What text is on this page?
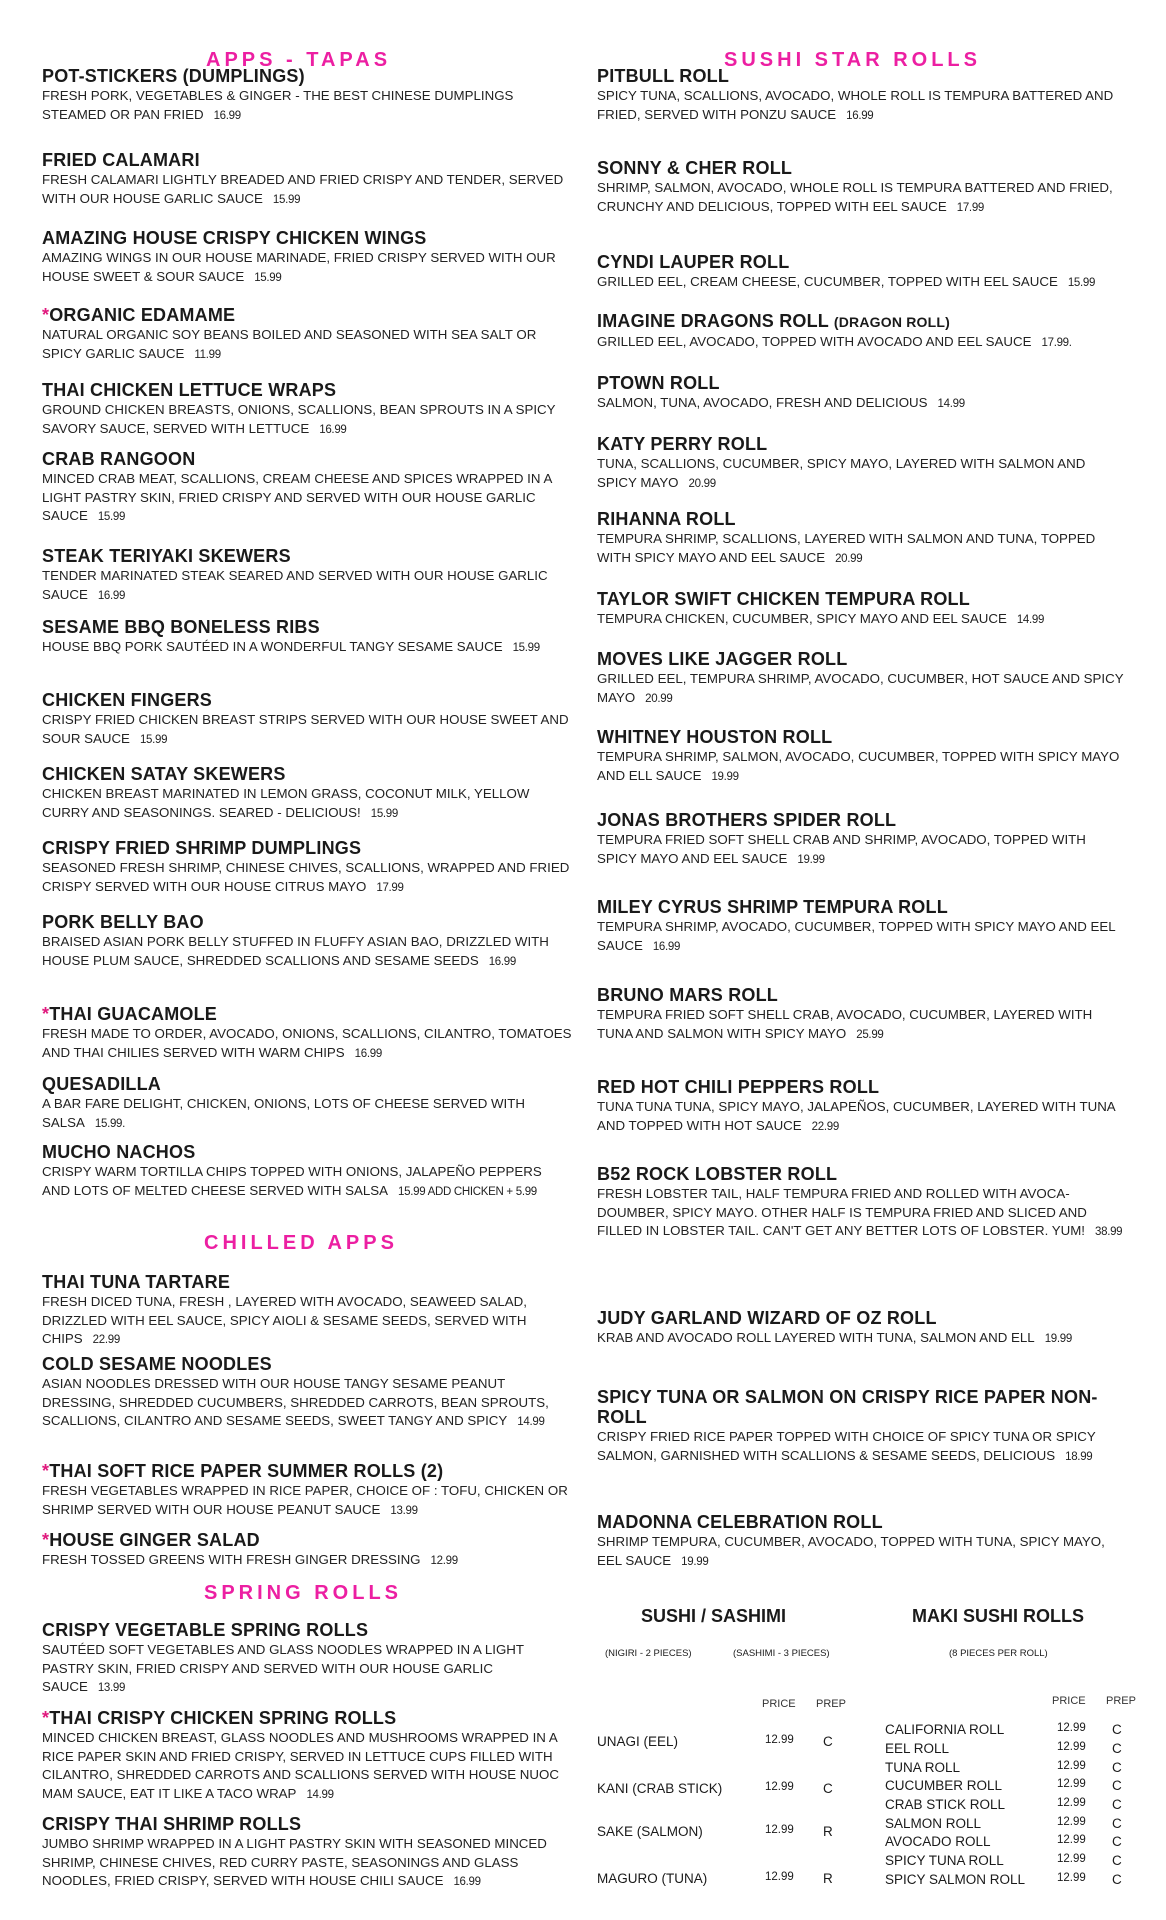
APPS - TAPAS
POT-STICKERS (DUMPLINGS)
FRESH PORK, VEGETABLES & GINGER - THE BEST CHINESE DUMPLINGS STEAMED OR PAN FRIED 16.99
FRIED CALAMARI
FRESH CALAMARI LIGHTLY BREADED AND FRIED CRISPY AND TENDER, SERVED WITH OUR HOUSE GARLIC SAUCE 15.99
AMAZING HOUSE CRISPY CHICKEN WINGS
AMAZING WINGS IN OUR HOUSE MARINADE, FRIED CRISPY SERVED WITH OUR HOUSE SWEET & SOUR SAUCE 15.99
*ORGANIC EDAMAME
NATURAL ORGANIC SOY BEANS BOILED AND SEASONED WITH SEA SALT OR SPICY GARLIC SAUCE 11.99
THAI CHICKEN LETTUCE WRAPS
GROUND CHICKEN BREASTS, ONIONS, SCALLIONS, BEAN SPROUTS IN A SPICY SAVORY SAUCE, SERVED WITH LETTUCE 16.99
CRAB RANGOON
MINCED CRAB MEAT, SCALLIONS, CREAM CHEESE AND SPICES WRAPPED IN A LIGHT PASTRY SKIN, FRIED CRISPY AND SERVED WITH OUR HOUSE GARLIC SAUCE 15.99
STEAK TERIYAKI SKEWERS
TENDER MARINATED STEAK SEARED AND SERVED WITH OUR HOUSE GARLIC SAUCE 16.99
SESAME BBQ BONELESS RIBS
HOUSE BBQ PORK SAUTÉED IN A WONDERFUL TANGY SESAME SAUCE 15.99
CHICKEN FINGERS
CRISPY FRIED CHICKEN BREAST STRIPS SERVED WITH OUR HOUSE SWEET AND SOUR SAUCE 15.99
CHICKEN SATAY SKEWERS
CHICKEN BREAST MARINATED IN LEMON GRASS, COCONUT MILK, YELLOW CURRY AND SEASONINGS. SEARED - DELICIOUS! 15.99
CRISPY FRIED SHRIMP DUMPLINGS
SEASONED FRESH SHRIMP, CHINESE CHIVES, SCALLIONS, WRAPPED AND FRIED CRISPY SERVED WITH OUR HOUSE CITRUS MAYO 17.99
PORK BELLY BAO
BRAISED ASIAN PORK BELLY STUFFED IN FLUFFY ASIAN BAO, DRIZZLED WITH HOUSE PLUM SAUCE, SHREDDED SCALLIONS AND SESAME SEEDS 16.99
*THAI GUACAMOLE
FRESH MADE TO ORDER, AVOCADO, ONIONS, SCALLIONS, CILANTRO, TOMATOES AND THAI CHILIES SERVED WITH WARM CHIPS 16.99
QUESADILLA
A BAR FARE DELIGHT, CHICKEN, ONIONS, LOTS OF CHEESE SERVED WITH SALSA 15.99.
MUCHO NACHOS
CRISPY WARM TORTILLA CHIPS TOPPED WITH ONIONS, JALAPEÑO PEPPERS AND LOTS OF MELTED CHEESE SERVED WITH SALSA 15.99 ADD CHICKEN + 5.99
CHILLED APPS
THAI TUNA TARTARE
FRESH DICED TUNA, FRESH , LAYERED WITH AVOCADO, SEAWEED SALAD, DRIZZLED WITH EEL SAUCE, SPICY AIOLI & SESAME SEEDS, SERVED WITH CHIPS 22.99
COLD SESAME NOODLES
ASIAN NOODLES DRESSED WITH OUR HOUSE TANGY SESAME PEANUT DRESSING, SHREDDED CUCUMBERS, SHREDDED CARROTS, BEAN SPROUTS, SCALLIONS, CILANTRO AND SESAME SEEDS, SWEET TANGY AND SPICY 14.99
*THAI SOFT RICE PAPER SUMMER ROLLS (2)
FRESH VEGETABLES WRAPPED IN RICE PAPER, CHOICE OF : TOFU, CHICKEN OR SHRIMP SERVED WITH OUR HOUSE PEANUT SAUCE 13.99
*HOUSE GINGER SALAD
FRESH TOSSED GREENS WITH FRESH GINGER DRESSING 12.99
SPRING ROLLS
CRISPY VEGETABLE SPRING ROLLS
SAUTÉED SOFT VEGETABLES AND GLASS NOODLES WRAPPED IN A LIGHT PASTRY SKIN, FRIED CRISPY AND SERVED WITH OUR HOUSE GARLIC SAUCE 13.99
*THAI CRISPY CHICKEN SPRING ROLLS
MINCED CHICKEN BREAST, GLASS NOODLES AND MUSHROOMS WRAPPED IN A RICE PAPER SKIN AND FRIED CRISPY, SERVED IN LETTUCE CUPS FILLED WITH CILANTRO, SHREDDED CARROTS AND SCALLIONS SERVED WITH HOUSE NUOC MAM SAUCE, EAT IT LIKE A TACO WRAP 14.99
CRISPY THAI SHRIMP ROLLS
JUMBO SHRIMP WRAPPED IN A LIGHT PASTRY SKIN WITH SEASONED MINCED SHRIMP, CHINESE CHIVES, RED CURRY PASTE, SEASONINGS AND GLASS NOODLES, FRIED CRISPY, SERVED WITH HOUSE CHILI SAUCE 16.99
SUSHI STAR ROLLS
PITBULL ROLL
SPICY TUNA, SCALLIONS, AVOCADO, WHOLE ROLL IS TEMPURA BATTERED AND FRIED, SERVED WITH PONZU SAUCE 16.99
SONNY & CHER ROLL
SHRIMP, SALMON, AVOCADO, WHOLE ROLL IS TEMPURA BATTERED AND FRIED, CRUNCHY AND DELICIOUS, TOPPED WITH EEL SAUCE 17.99
CYNDI LAUPER ROLL
GRILLED EEL, CREAM CHEESE, CUCUMBER, TOPPED WITH EEL SAUCE 15.99
IMAGINE DRAGONS ROLL (DRAGON ROLL)
GRILLED EEL, AVOCADO, TOPPED WITH AVOCADO AND EEL SAUCE 17.99.
PTOWN ROLL
SALMON, TUNA, AVOCADO, FRESH AND DELICIOUS 14.99
KATY PERRY ROLL
TUNA, SCALLIONS, CUCUMBER, SPICY MAYO, LAYERED WITH SALMON AND SPICY MAYO 20.99
RIHANNA ROLL
TEMPURA SHRIMP, SCALLIONS, LAYERED WITH SALMON AND TUNA, TOPPED WITH SPICY MAYO AND EEL SAUCE 20.99
TAYLOR SWIFT CHICKEN TEMPURA ROLL
TEMPURA CHICKEN, CUCUMBER, SPICY MAYO AND EEL SAUCE 14.99
MOVES LIKE JAGGER ROLL
GRILLED EEL, TEMPURA SHRIMP, AVOCADO, CUCUMBER, HOT SAUCE AND SPICY MAYO 20.99
WHITNEY HOUSTON ROLL
TEMPURA SHRIMP, SALMON, AVOCADO, CUCUMBER, TOPPED WITH SPICY MAYO AND ELL SAUCE 19.99
JONAS BROTHERS SPIDER ROLL
TEMPURA FRIED SOFT SHELL CRAB AND SHRIMP, AVOCADO, TOPPED WITH SPICY MAYO AND EEL SAUCE 19.99
MILEY CYRUS SHRIMP TEMPURA ROLL
TEMPURA SHRIMP, AVOCADO, CUCUMBER, TOPPED WITH SPICY MAYO AND EEL SAUCE 16.99
BRUNO MARS ROLL
TEMPURA FRIED SOFT SHELL CRAB, AVOCADO, CUCUMBER, LAYERED WITH TUNA AND SALMON WITH SPICY MAYO 25.99
RED HOT CHILI PEPPERS ROLL
TUNA TUNA TUNA, SPICY MAYO, JALAPEÑOS, CUCUMBER, LAYERED WITH TUNA AND TOPPED WITH HOT SAUCE 22.99
B52 ROCK LOBSTER ROLL
FRESH LOBSTER TAIL, HALF TEMPURA FRIED AND ROLLED WITH AVOCA-DOUMBER, SPICY MAYO. OTHER HALF IS TEMPURA FRIED AND SLICED AND FILLED IN LOBSTER TAIL. CAN'T GET ANY BETTER LOTS OF LOBSTER. YUM! 38.99
JUDY GARLAND WIZARD OF OZ ROLL
KRAB AND AVOCADO ROLL LAYERED WITH TUNA, SALMON AND ELL 19.99
SPICY TUNA OR SALMON ON CRISPY RICE PAPER NON-ROLL
CRISPY FRIED RICE PAPER TOPPED WITH CHOICE OF SPICY TUNA OR SPICY SALMON, GARNISHED WITH SCALLIONS & SESAME SEEDS, DELICIOUS 18.99
MADONNA CELEBRATION ROLL
SHRIMP TEMPURA, CUCUMBER, AVOCADO, TOPPED WITH TUNA, SPICY MAYO, EEL SAUCE 19.99
SUSHI / SASHIMI
(NIGIRI - 2 PIECES)	(SASHIMI - 3 PIECES)
PRICE PREP
UNAGI (EEL)	12.99 C
KANI (CRAB STICK)	12.99 C
SAKE (SALMON)	12.99 R
MAGURO (TUNA)	12.99 R
MAKI SUSHI ROLLS
(8 PIECES PER ROLL)
PRICE PREP
CALIFORNIA ROLL	12.99 C
EEL ROLL	12.99 C
TUNA ROLL	12.99 C
CUCUMBER ROLL	12.99 C
CRAB STICK ROLL	12.99 C
SALMON ROLL	12.99 C
AVOCADO ROLL	12.99 C
SPICY TUNA ROLL	12.99 C
SPICY SALMON ROLL	12.99 C
